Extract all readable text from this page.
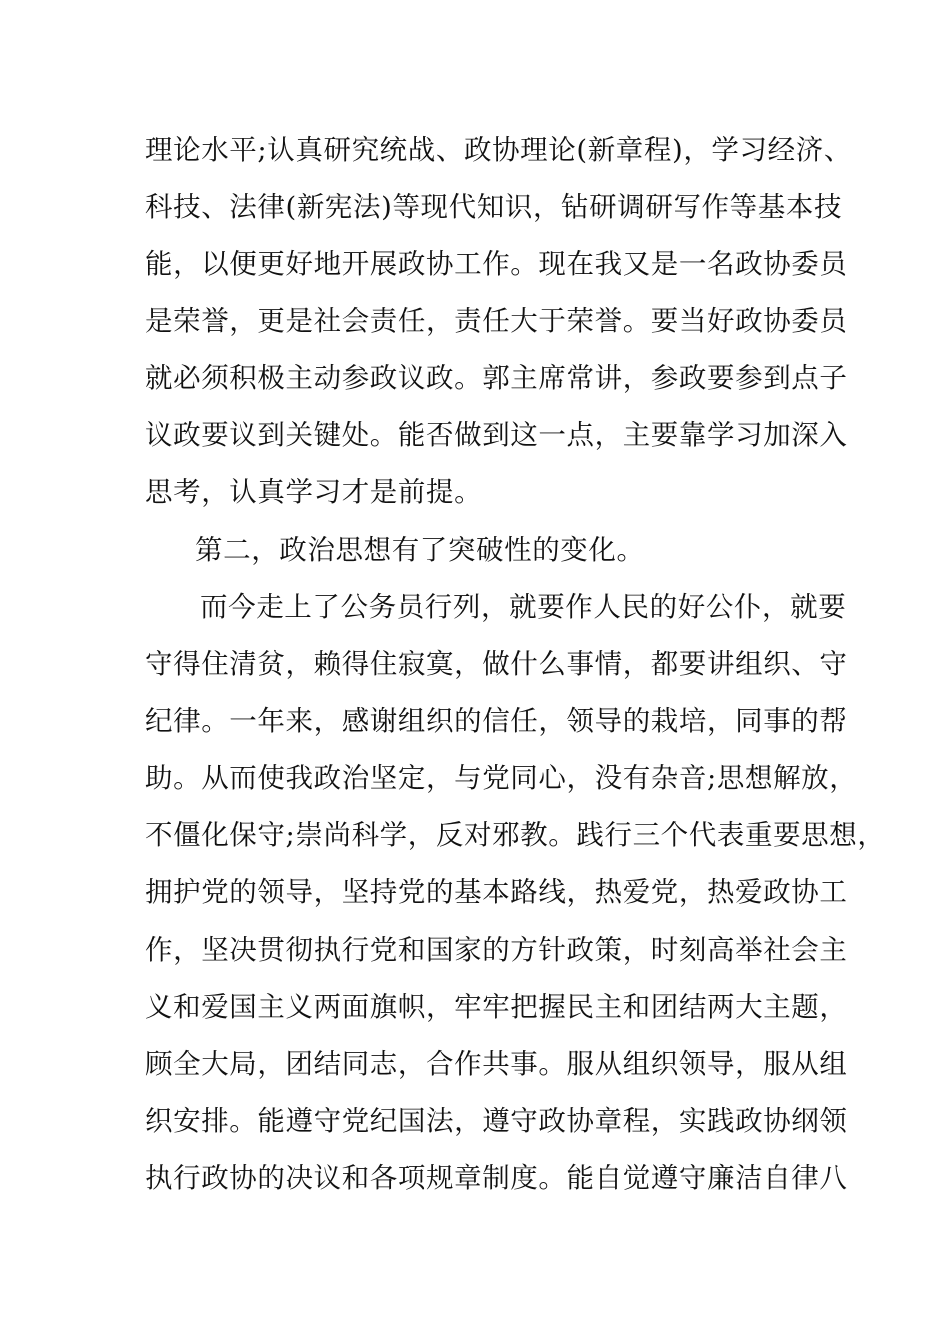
理论水平;认真研究统战、政协理论(新章程)，学习经济、
科技、法律(新宪法)等现代知识，钻研调研写作等基本技
能，以便更好地开展政协工作。现在我又是一名政协委员
是荣誉，更是社会责任，责任大于荣誉。要当好政协委员
就必须积极主动参政议政。郭主席常讲，参政要参到点子
议政要议到关键处。能否做到这一点，主要靠学习加深入
思考，认真学习才是前提。
第二，政治思想有了突破性的变化。
而今走上了公务员行列，就要作人民的好公仆，就要
守得住清贫，赖得住寂寞，做什么事情，都要讲组织、守
纪律。一年来，感谢组织的信任，领导的栽培，同事的帮
助。从而使我政治坚定，与党同心，没有杂音;思想解放，
不僵化保守;崇尚科学，反对邪教。践行三个代表重要思想，
拥护党的领导，坚持党的基本路线，热爱党，热爱政协工
作，坚决贯彻执行党和国家的方针政策，时刻高举社会主
义和爱国主义两面旗帜，牢牢把握民主和团结两大主题，
顾全大局，团结同志，合作共事。服从组织领导，服从组
织安排。能遵守党纪国法，遵守政协章程，实践政协纲领
执行政协的决议和各项规章制度。能自觉遵守廉洁自律八
